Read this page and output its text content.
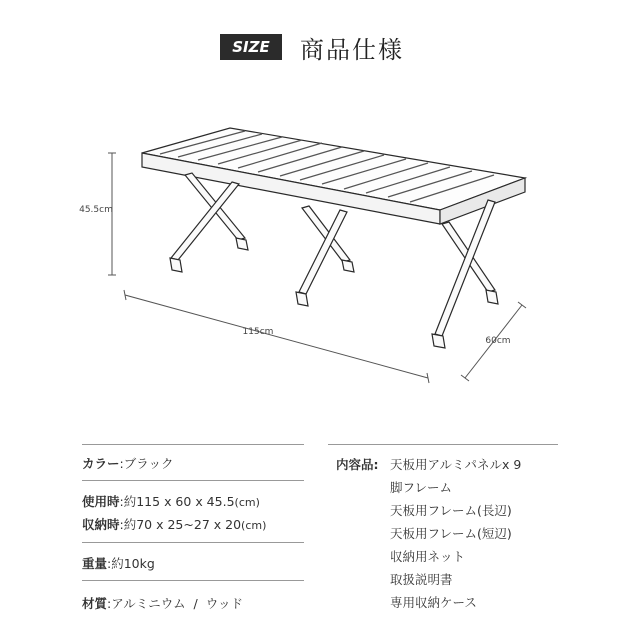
SIZE	商品仕様
45.5cm
115cm
60cm
カラー:ブラック
使用時:約115 x 60 x 45.5(cm)
収納時:約70 x 25~27 x 20(cm)
重量:約10kg
材質:アルミニウム  /  ウッド
内容品: 天板用アルミパネルx 9
脚フレーム
天板用フレーム(長辺)
天板用フレーム(短辺)
収納用ネット
取扱説明書
専用収納ケース
